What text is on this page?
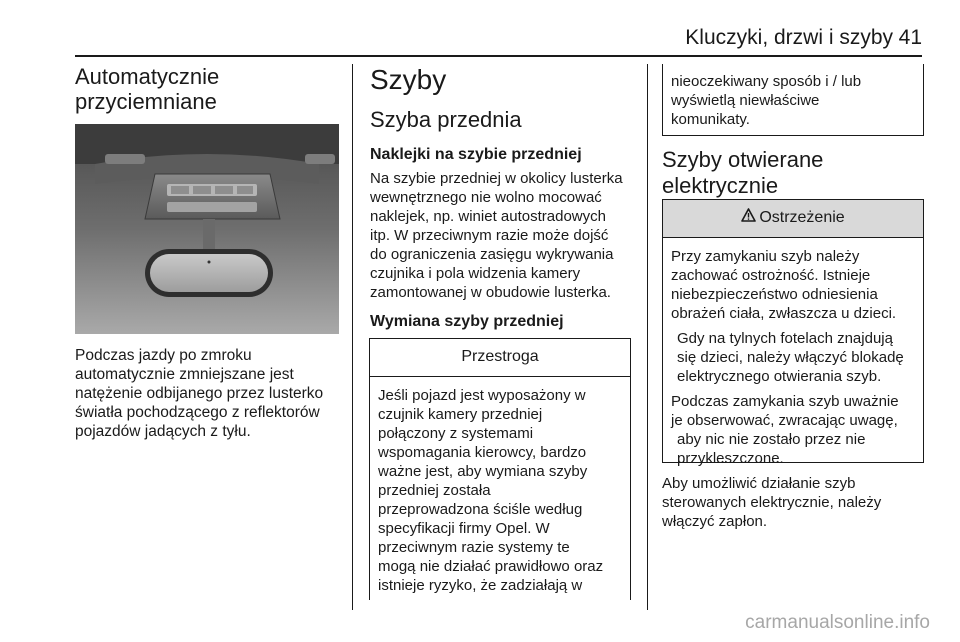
Kluczyki, drzwi i szyby 41
Automatycznie
przyciemniane
Podczas jazdy po zmroku
automatycznie zmniejszane jest
natężenie odbijanego przez lusterko
światła pochodzącego z reflektorów
pojazdów jadących z tyłu.
Szyby
Szyba przednia
Naklejki na szybie przedniej
Na szybie przedniej w okolicy lusterka
wewnętrznego nie wolno mocować
naklejek, np. winiet autostradowych
itp. W przeciwnym razie może dojść
do ograniczenia zasięgu wykrywania
czujnika i pola widzenia kamery
zamontowanej w obudowie lusterka.
Wymiana szyby przedniej
Przestroga
Jeśli pojazd jest wyposażony w
czujnik kamery przedniej
połączony z systemami
wspomagania kierowcy, bardzo
ważne jest, aby wymiana szyby
przedniej została
przeprowadzona ściśle według
specyfikacji firmy Opel. W
przeciwnym razie systemy te
mogą nie działać prawidłowo oraz
istnieje ryzyko, że zadziałają w
nieoczekiwany sposób i / lub
wyświetlą niewłaściwe
komunikaty.
Szyby otwierane
elektrycznie
Ostrzeżenie

Przy zamykaniu szyb należy
zachować ostrożność. Istnieje
niebezpieczeństwo odniesienia
obrażeń ciała, zwłaszcza u dzieci.

Gdy na tylnych fotelach znajdują
się dzieci, należy włączyć blokadę
elektrycznego otwierania szyb.

Podczas zamykania szyb uważnie
je obserwować, zwracając uwagę,
aby nic nie zostało przez nie
przykleszczone.

Aby umożliwić działanie szyb
sterowanych elektrycznie, należy
włączyć zapłon.
carmanualsonline.info
